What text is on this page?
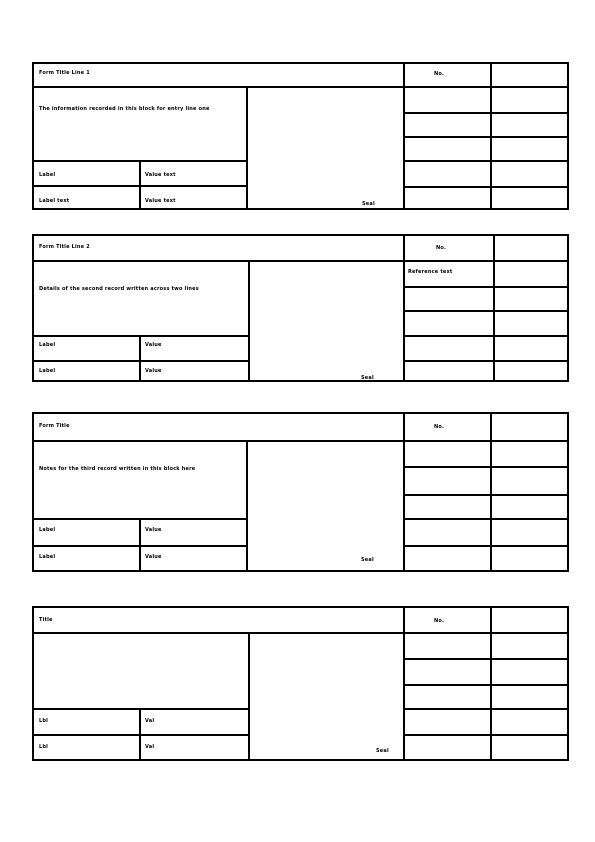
Form Title Line 1	No.
The information recorded in this block for entry line one
Label	Value text
Label text	Value text	Seal
Form Title Line 2	No.
Reference text
Details of the second record written across two lines
Label	Value
Label	Value
Seal
Form Title	No.
Notes for the third record written in this block here
Label	Value
Label	Value	Seal
Title	No.
Lbl	Val
Lbl	Val
Seal
